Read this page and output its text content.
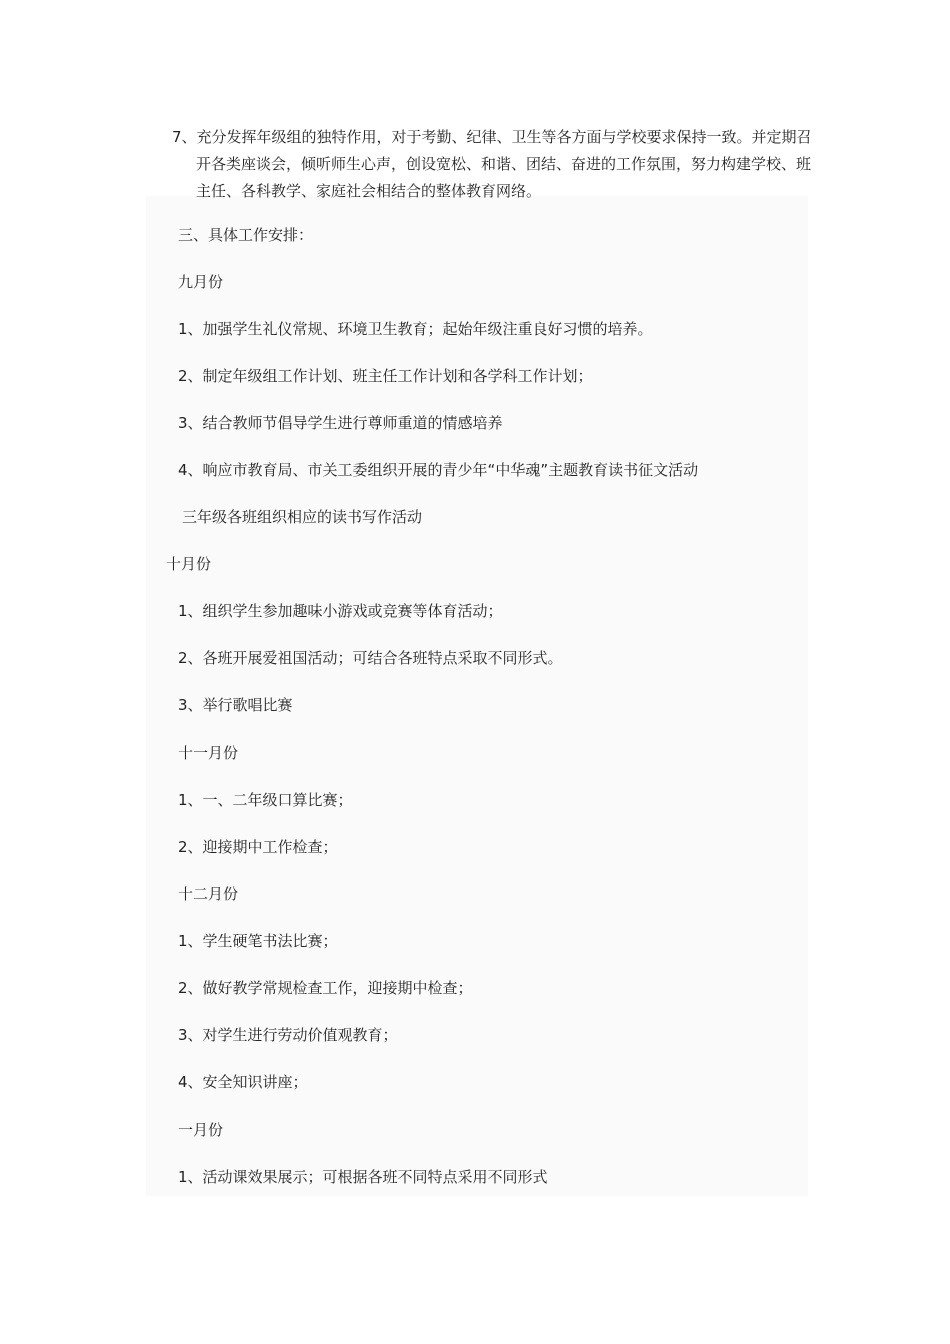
7、充分发挥年级组的独特作用，对于考勤、纪律、卫生等各方面与学校要求保持一致。并定期召开各类座谈会，倾听师生心声，创设宽松、和谐、团结、奋进的工作氛围，努力构建学校、班主任、各科教学、家庭社会相结合的整体教育网络。
三、具体工作安排：
九月份
1、加强学生礼仪常规、环境卫生教育；起始年级注重良好习惯的培养。
2、制定年级组工作计划、班主任工作计划和各学科工作计划；
3、结合教师节倡导学生进行尊师重道的情感培养
4、响应市教育局、市关工委组织开展的青少年“中华魂”主题教育读书征文活动
三年级各班组织相应的读书写作活动
十月份
1、组织学生参加趣味小游戏或竞赛等体育活动；
2、各班开展爱祖国活动；可结合各班特点采取不同形式。
3、举行歌唱比赛
十一月份
1、一、二年级口算比赛；
2、迎接期中工作检查；
十二月份
1、学生硬笔书法比赛；
2、做好教学常规检查工作，迎接期中检查；
3、对学生进行劳动价值观教育；
4、安全知识讲座；
一月份
1、活动课效果展示；可根据各班不同特点采用不同形式
